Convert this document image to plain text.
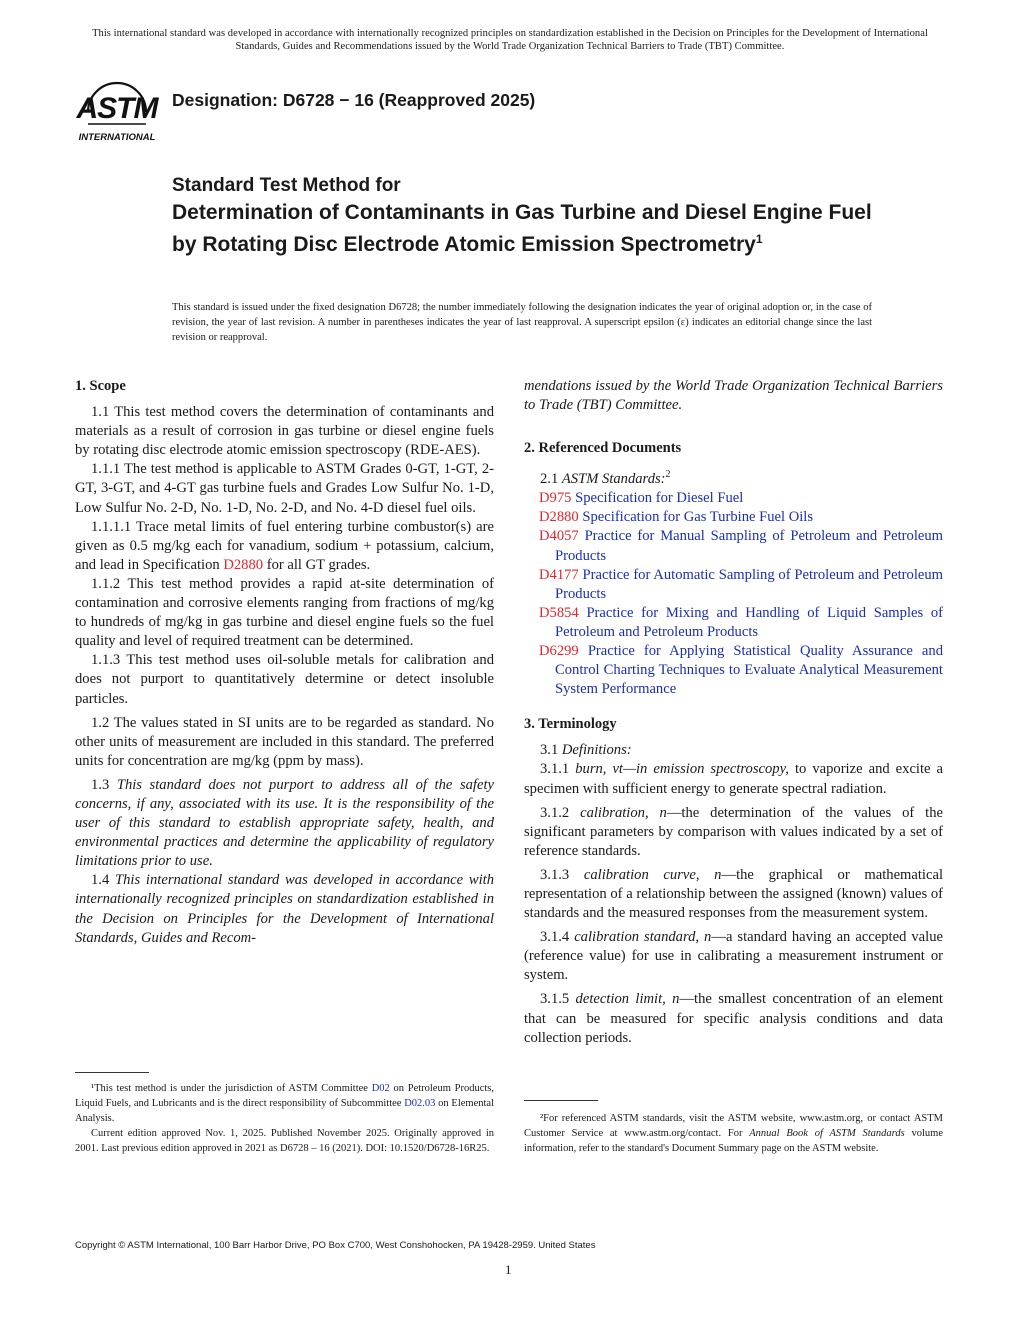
This international standard was developed in accordance with internationally recognized principles on standardization established in the Decision on Principles for the Development of International Standards, Guides and Recommendations issued by the World Trade Organization Technical Barriers to Trade (TBT) Committee.
ASTM
INTERNATIONAL
Designation: D6728 − 16 (Reapproved 2025)
Standard Test Method for
Determination of Contaminants in Gas Turbine and Diesel Engine Fuel by Rotating Disc Electrode Atomic Emission Spectrometry$^1$
This standard is issued under the fixed designation D6728; the number immediately following the designation indicates the year of original adoption or, in the case of revision, the year of last revision. A number in parentheses indicates the year of last reapproval. A superscript epsilon (ε) indicates an editorial change since the last revision or reapproval.
1. Scope

1.1 This test method covers the determination of contaminants and materials as a result of corrosion in gas turbine or diesel engine fuels by rotating disc electrode atomic emission spectroscopy (RDE-AES).

1.1.1 The test method is applicable to ASTM Grades 0-GT, 1-GT, 2-GT, 3-GT, and 4-GT gas turbine fuels and Grades Low Sulfur No. 1-D, Low Sulfur No. 2-D, No. 1-D, No. 2-D, and No. 4-D diesel fuel oils.

1.1.1.1 Trace metal limits of fuel entering turbine combustor(s) are given as 0.5 mg/kg each for vanadium, sodium + potassium, calcium, and lead in Specification D2880 for all GT grades.

1.1.2 This test method provides a rapid at-site determination of contamination and corrosive elements ranging from fractions of mg/kg to hundreds of mg/kg in gas turbine and diesel engine fuels so the fuel quality and level of required treatment can be determined.

1.1.3 This test method uses oil-soluble metals for calibration and does not purport to quantitatively determine or detect insoluble particles.

1.2 The values stated in SI units are to be regarded as standard. No other units of measurement are included in this standard. The preferred units for concentration are mg/kg (ppm by mass).

1.3 This standard does not purport to address all of the safety concerns, if any, associated with its use. It is the responsibility of the user of this standard to establish appropriate safety, health, and environmental practices and determine the applicability of regulatory limitations prior to use.

1.4 This international standard was developed in accordance with internationally recognized principles on standardization established in the Decision on Principles for the Development of International Standards, Guides and Recom-

¹This test method is under the jurisdiction of ASTM Committee D02 on Petroleum Products, Liquid Fuels, and Lubricants and is the direct responsibility of Subcommittee D02.03 on Elemental Analysis.

Current edition approved Nov. 1, 2025. Published November 2025. Originally approved in 2001. Last previous edition approved in 2021 as D6728 – 16 (2021). DOI: 10.1520/D6728-16R25.

mendations issued by the World Trade Organization Technical Barriers to Trade (TBT) Committee.

2. Referenced Documents

2.1 ASTM Standards:$^2$

D975 Specification for Diesel Fuel

D2880 Specification for Gas Turbine Fuel Oils

D4057 Practice for Manual Sampling of Petroleum and Petroleum Products

D4177 Practice for Automatic Sampling of Petroleum and Petroleum Products

D5854 Practice for Mixing and Handling of Liquid Samples of Petroleum and Petroleum Products

D6299 Practice for Applying Statistical Quality Assurance and Control Charting Techniques to Evaluate Analytical Measurement System Performance

3. Terminology

3.1 Definitions:

3.1.1 burn, vt—in emission spectroscopy, to vaporize and excite a specimen with sufficient energy to generate spectral radiation.

3.1.2 calibration, n—the determination of the values of the significant parameters by comparison with values indicated by a set of reference standards.

3.1.3 calibration curve, n—the graphical or mathematical representation of a relationship between the assigned (known) values of standards and the measured responses from the measurement system.

3.1.4 calibration standard, n—a standard having an accepted value (reference value) for use in calibrating a measurement instrument or system.

3.1.5 detection limit, n—the smallest concentration of an element that can be measured for specific analysis conditions and data collection periods.

²For referenced ASTM standards, visit the ASTM website, www.astm.org, or contact ASTM Customer Service at www.astm.org/contact. For Annual Book of ASTM Standards volume information, refer to the standard's Document Summary page on the ASTM website.

Copyright © ASTM International, 100 Barr Harbor Drive, PO Box C700, West Conshohocken, PA 19428-2959. United States
1
